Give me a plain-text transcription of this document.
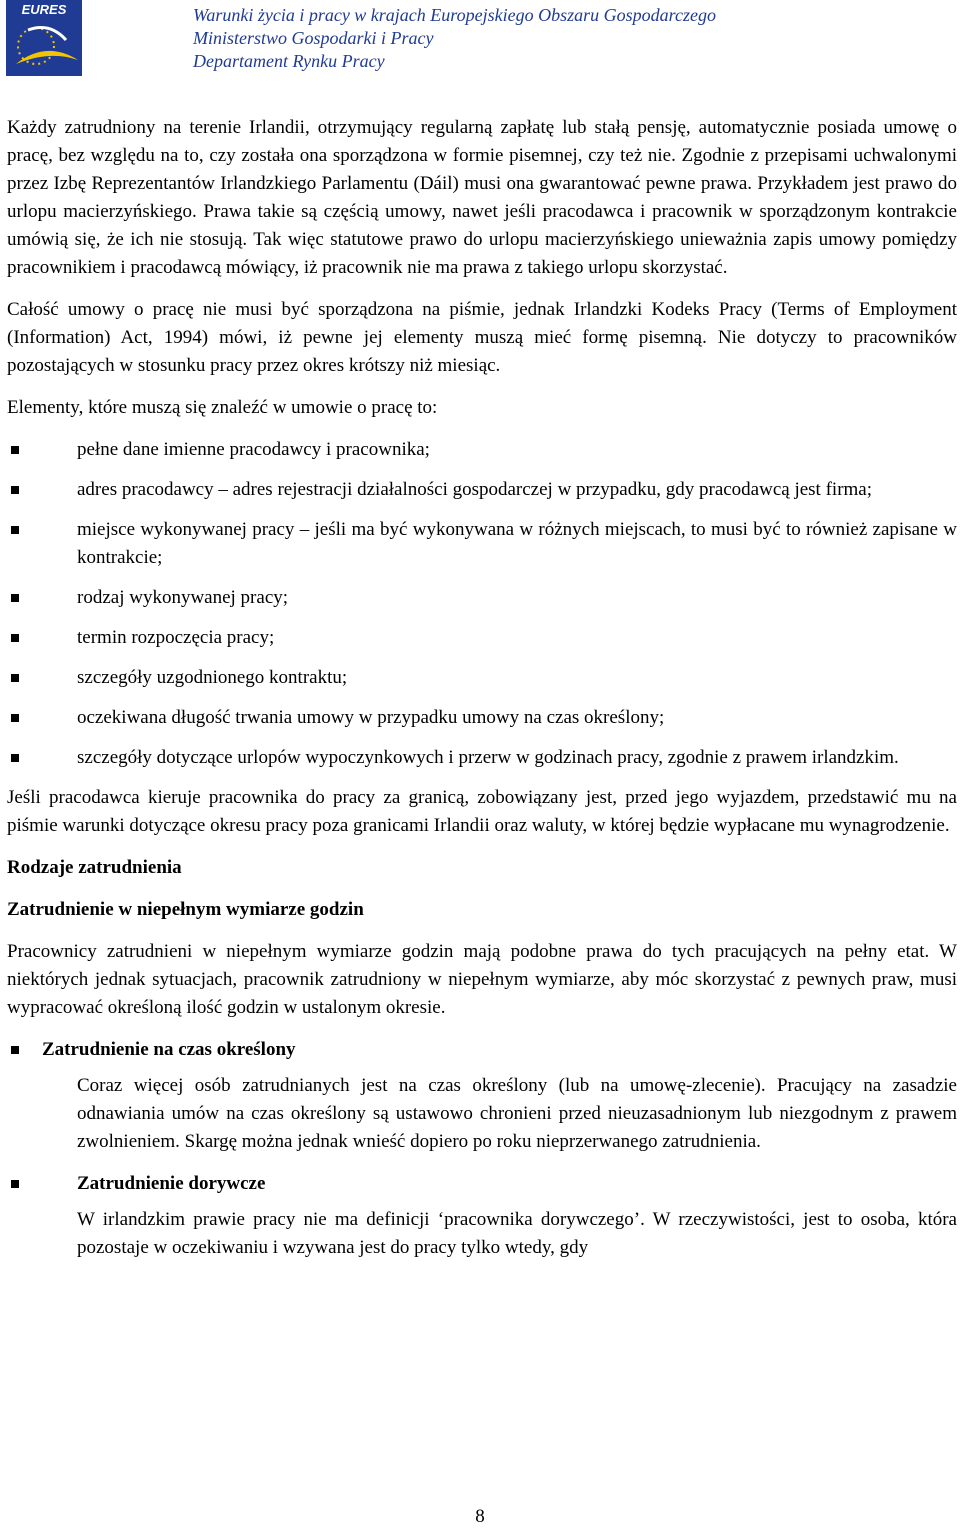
EURES	Warunki życia i pracy w krajach Europejskiego Obszaru Gospodarczego
Ministerstwo Gospodarki i Pracy
Departament Rynku Pracy

Każdy zatrudniony na terenie Irlandii, otrzymujący regularną zapłatę lub stałą pensję, automatycznie posiada umowę o pracę, bez względu na to, czy została ona sporządzona w formie pisemnej, czy też nie. Zgodnie z przepisami uchwalonymi przez Izbę Reprezentantów Irlandzkiego Parlamentu (Dáil) musi ona gwarantować pewne prawa. Przykładem jest prawo do urlopu macierzyńskiego. Prawa takie są częścią umowy, nawet jeśli pracodawca i pracownik w sporządzonym kontrakcie umówią się, że ich nie stosują. Tak więc statutowe prawo do urlopu macierzyńskiego unieważnia zapis umowy pomiędzy pracownikiem i pracodawcą mówiący, iż pracownik nie ma prawa z takiego urlopu skorzystać.

Całość umowy o pracę nie musi być sporządzona na piśmie, jednak Irlandzki Kodeks Pracy (Terms of Employment (Information) Act, 1994) mówi, iż pewne jej elementy muszą mieć formę pisemną. Nie dotyczy to pracowników pozostających w stosunku pracy przez okres krótszy niż miesiąc.

Elementy, które muszą się znaleźć w umowie o pracę to:

pełne dane imienne pracodawcy i pracownika;
adres pracodawcy – adres rejestracji działalności gospodarczej w przypadku, gdy pracodawcą jest firma;
miejsce wykonywanej pracy – jeśli ma być wykonywana w różnych miejscach, to musi być to również zapisane w kontrakcie;
rodzaj wykonywanej pracy;
termin rozpoczęcia pracy;
szczegóły uzgodnionego kontraktu;
oczekiwana długość trwania umowy w przypadku umowy na czas określony;
szczegóły dotyczące urlopów wypoczynkowych i przerw w godzinach pracy, zgodnie z prawem irlandzkim.

Jeśli pracodawca kieruje pracownika do pracy za granicą, zobowiązany jest, przed jego wyjazdem, przedstawić mu na piśmie warunki dotyczące okresu pracy poza granicami Irlandii oraz waluty, w której będzie wypłacane mu wynagrodzenie.

Rodzaje zatrudnienia
Zatrudnienie w niepełnym wymiarze godzin

Pracownicy zatrudnieni w niepełnym wymiarze godzin mają podobne prawa do tych pracujących na pełny etat. W niektórych jednak sytuacjach, pracownik zatrudniony w niepełnym wymiarze, aby móc skorzystać z pewnych praw, musi wypracować określoną ilość godzin w ustalonym okresie.

Zatrudnienie na czas określony

Coraz więcej osób zatrudnianych jest na czas określony (lub na umowę-zlecenie). Pracujący na zasadzie odnawiania umów na czas określony są ustawowo chronieni przed nieuzasadnionym lub niezgodnym z prawem zwolnieniem. Skargę można jednak wnieść dopiero po roku nieprzerwanego zatrudnienia.

Zatrudnienie dorywcze

W irlandzkim prawie pracy nie ma definicji ‘pracownika dorywczego’. W rzeczywistości, jest to osoba, która pozostaje w oczekiwaniu i wzywana jest do pracy tylko wtedy, gdy

8
